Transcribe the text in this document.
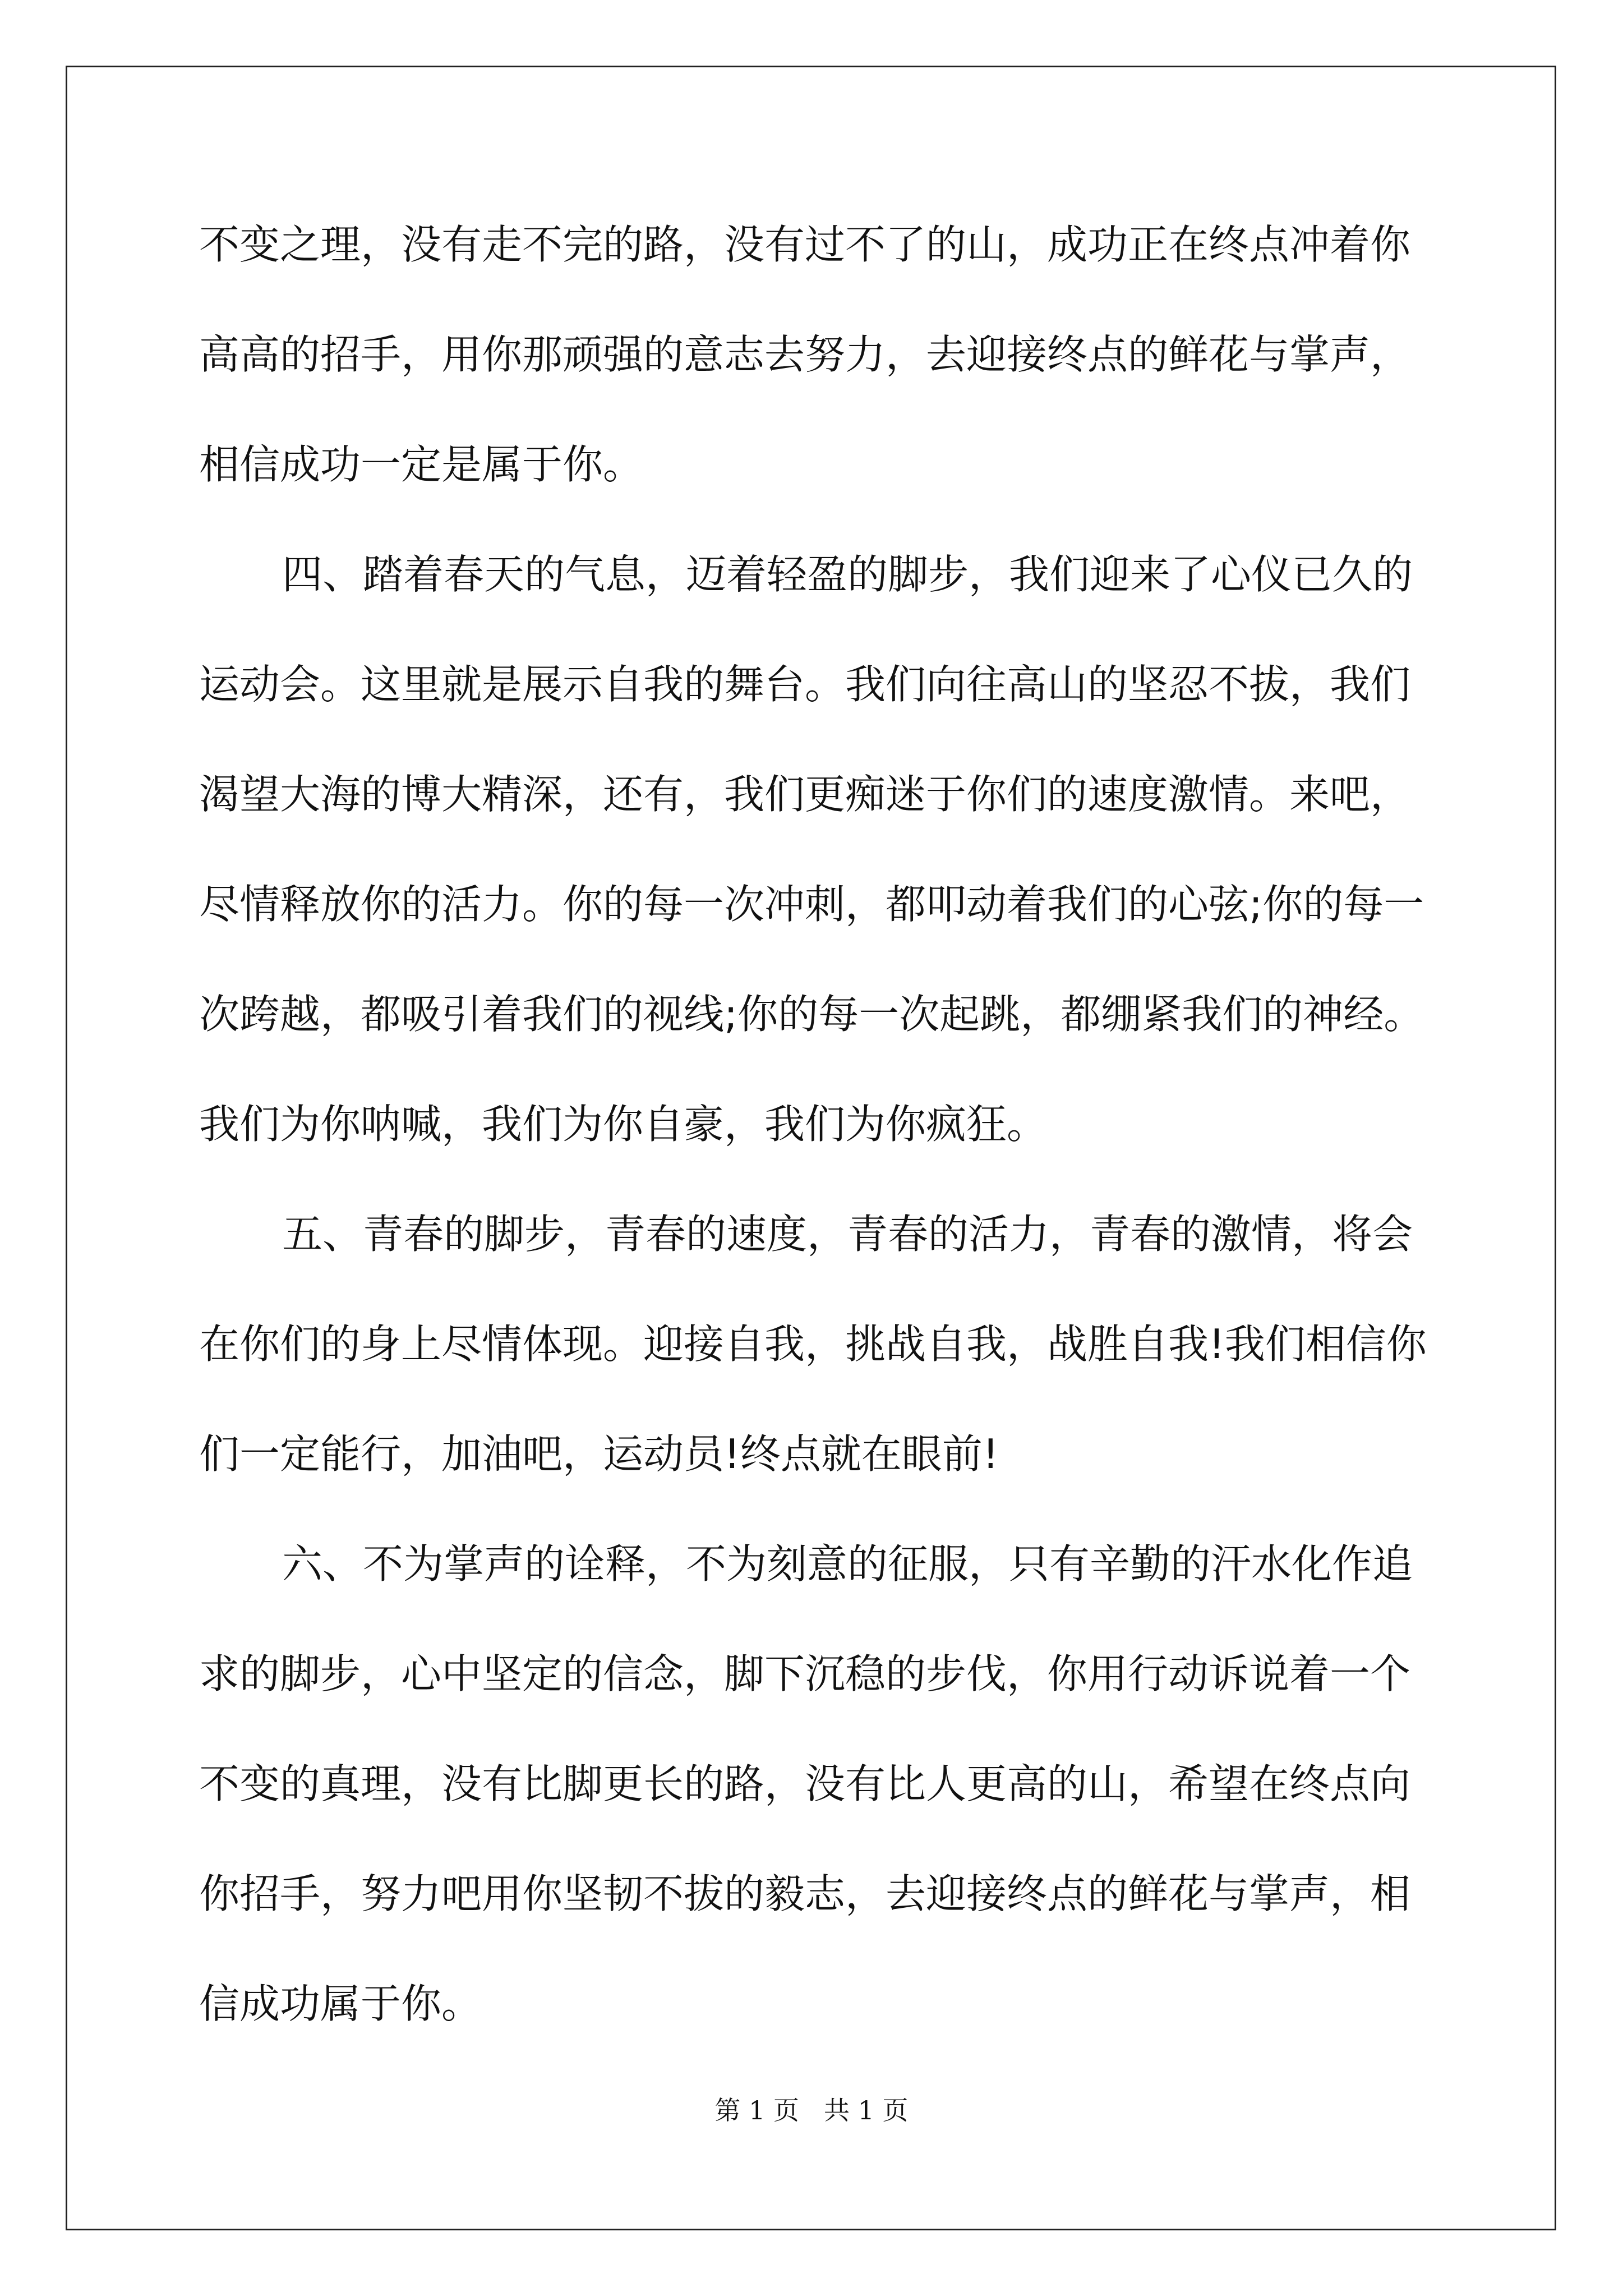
不变之理，没有走不完的路，没有过不了的山，成功正在终点冲着你
高高的招手，用你那顽强的意志去努力，去迎接终点的鲜花与掌声，
相信成功一定是属于你。
四、踏着春天的气息，迈着轻盈的脚步，我们迎来了心仪已久的
运动会。这里就是展示自我的舞台。我们向往高山的坚忍不拔，我们
渴望大海的博大精深，还有，我们更痴迷于你们的速度激情。来吧，
尽情释放你的活力。你的每一次冲刺，都叩动着我们的心弦;你的每一
次跨越，都吸引着我们的视线;你的每一次起跳，都绷紧我们的神经。
我们为你呐喊，我们为你自豪，我们为你疯狂。
五、青春的脚步，青春的速度，青春的活力，青春的激情，将会
在你们的身上尽情体现。迎接自我，挑战自我，战胜自我!我们相信你
们一定能行，加油吧，运动员!终点就在眼前!
六、不为掌声的诠释，不为刻意的征服，只有辛勤的汗水化作追
求的脚步，心中坚定的信念，脚下沉稳的步伐，你用行动诉说着一个
不变的真理，没有比脚更长的路，没有比人更高的山，希望在终点向
你招手，努力吧用你坚韧不拔的毅志，去迎接终点的鲜花与掌声，相
信成功属于你。
第 1 页 共 1 页
